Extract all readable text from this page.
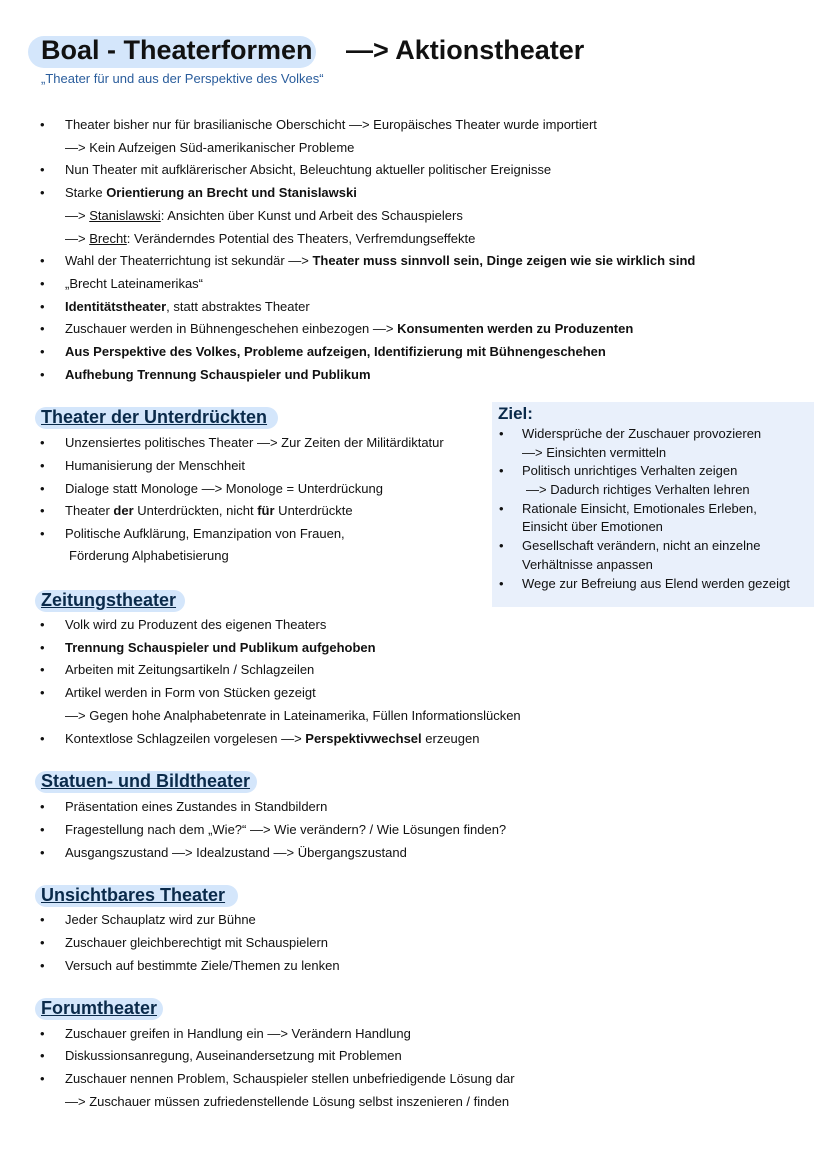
Boal - Theaterformen —> Aktionstheater
„Theater für und aus der Perspektive des Volkes“
• Theater bisher nur für brasilianische Oberschicht —> Europäisches Theater wurde importiert
—> Kein Aufzeigen Süd-amerikanischer Probleme
• Nun Theater mit aufklärerischer Absicht, Beleuchtung aktueller politischer Ereignisse
• Starke Orientierung an Brecht und Stanislawski
—> Stanislawski: Ansichten über Kunst und Arbeit des Schauspielers
—> Brecht: Veränderndes Potential des Theaters, Verfremdungseffekte
• Wahl der Theaterrichtung ist sekundär —> Theater muss sinnvoll sein, Dinge zeigen wie sie wirklich sind
• „Brecht Lateinamerikas“
• Identitätstheater, statt abstraktes Theater
• Zuschauer werden in Bühnengeschehen einbezogen —> Konsumenten werden zu Produzenten
• Aus Perspektive des Volkes, Probleme aufzeigen, Identifizierung mit Bühnengeschehen
• Aufhebung Trennung Schauspieler und Publikum
Theater der Unterdrückten
• Unzensiertes politisches Theater —> Zur Zeiten der Militärdiktatur
• Humanisierung der Menschheit
• Dialoge statt Monologe —> Monologe = Unterdrückung
• Theater der Unterdrückten, nicht für Unterdrückte
• Politische Aufklärung, Emanzipation von Frauen,
Förderung Alphabetisierung
Ziel:
• Widersprüche der Zuschauer provozieren
—> Einsichten vermitteln
• Politisch unrichtiges Verhalten zeigen
—> Dadurch richtiges Verhalten lehren
• Rationale Einsicht, Emotionales Erleben,
Einsicht über Emotionen
• Gesellschaft verändern, nicht an einzelne
Verhältnisse anpassen
• Wege zur Befreiung aus Elend werden gezeigt
Zeitungstheater
• Volk wird zu Produzent des eigenen Theaters
• Trennung Schauspieler und Publikum aufgehoben
• Arbeiten mit Zeitungsartikeln / Schlagzeilen
• Artikel werden in Form von Stücken gezeigt
—> Gegen hohe Analphabetenrate in Lateinamerika, Füllen Informationslücken
• Kontextlose Schlagzeilen vorgelesen —> Perspektivwechsel erzeugen
Statuen- und Bildtheater
• Präsentation eines Zustandes in Standbildern
• Fragestellung nach dem „Wie?“ —> Wie verändern? / Wie Lösungen finden?
• Ausgangszustand —> Idealzustand —> Übergangszustand
Unsichtbares Theater
• Jeder Schauplatz wird zur Bühne
• Zuschauer gleichberechtigt mit Schauspielern
• Versuch auf bestimmte Ziele/Themen zu lenken
Forumtheater
• Zuschauer greifen in Handlung ein —> Verändern Handlung
• Diskussionsanregung, Auseinandersetzung mit Problemen
• Zuschauer nennen Problem, Schauspieler stellen unbefriedigende Lösung dar
—> Zuschauer müssen zufriedenstellende Lösung selbst inszenieren / finden
